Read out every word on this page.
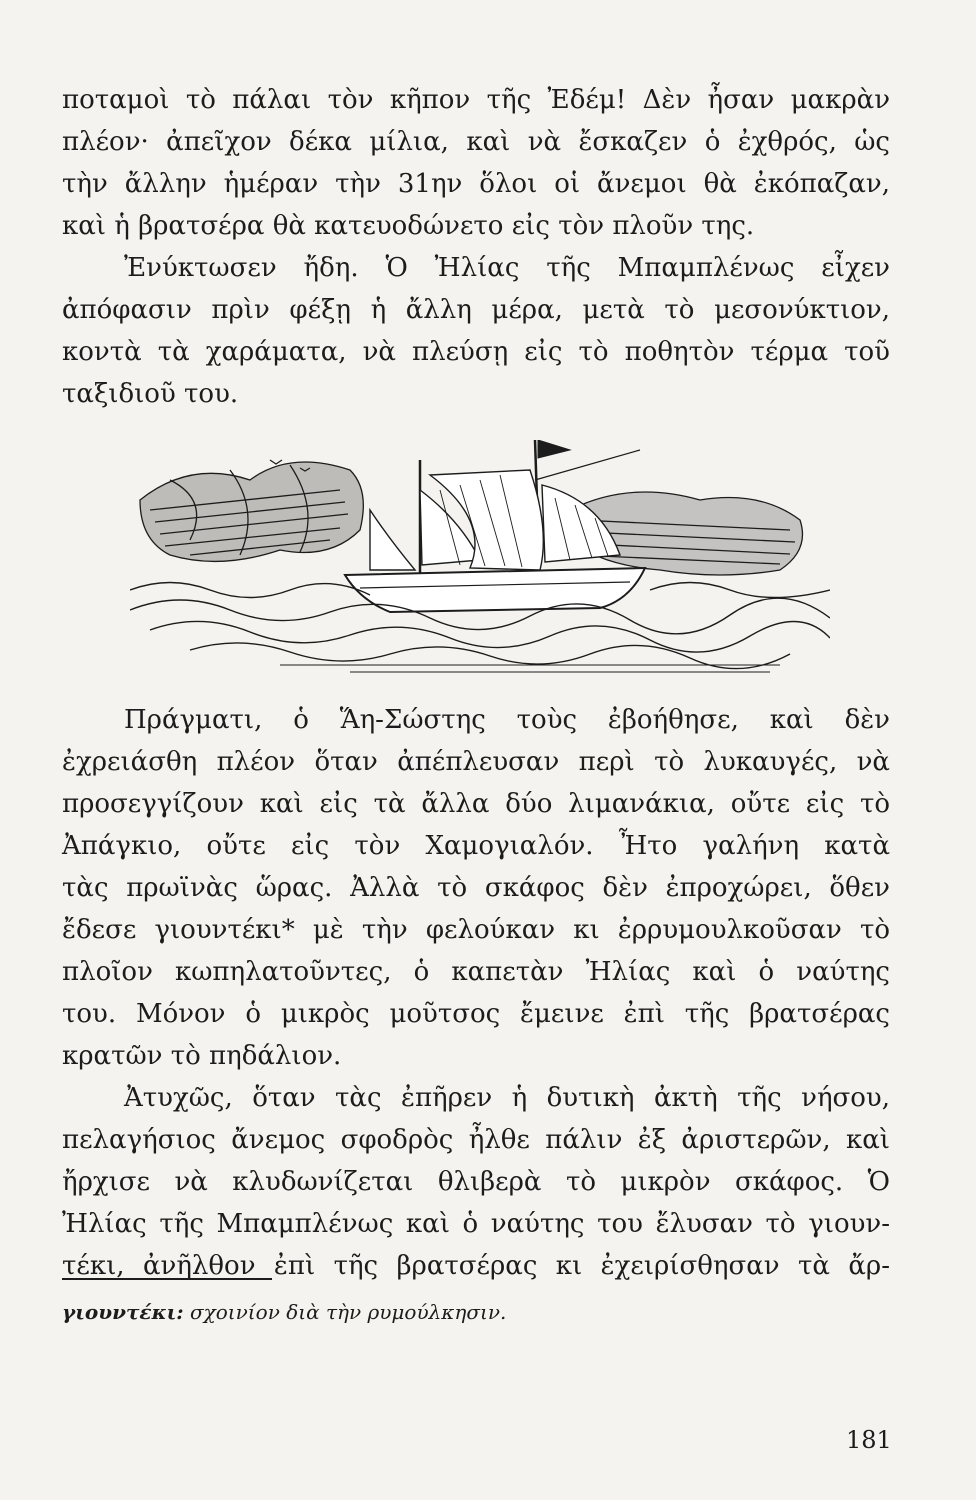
ποταμοὶ τὸ πάλαι τὸν κῆπον τῆς Ἐδέμ! Δὲν ἦσαν μακρὰν
πλέον· ἀπεῖχον δέκα μίλια, καὶ νὰ ἔσκαζεν ὁ ἐχθρός, ὡς
τὴν ἄλλην ἡμέραν τὴν 31ην ὅλοι οἱ ἄνεμοι θὰ ἐκόπαζαν,
καὶ ἡ βρατσέρα θὰ κατευοδώνετο εἰς τὸν πλοῦν της.
Ἐνύκτωσεν ἤδη. Ὁ Ἠλίας τῆς Μπαμπλένως εἶχεν
ἀπόφασιν πρὶν φέξῃ ἡ ἄλλη μέρα, μετὰ τὸ μεσονύκτιον,
κοντὰ τὰ χαράματα, νὰ πλεύσῃ εἰς τὸ ποθητὸν τέρμα τοῦ
ταξιδιοῦ του.
Πράγματι, ὁ Ἅη-Σώστης τοὺς ἐβοήθησε, καὶ δὲν
ἐχρειάσθη πλέον ὅταν ἀπέπλευσαν περὶ τὸ λυκαυγές, νὰ
προσεγγίζουν καὶ εἰς τὰ ἄλλα δύο λιμανάκια, οὔτε εἰς τὸ
Ἀπάγκιο, οὔτε εἰς τὸν Χαμογιαλόν. Ἦτο γαλήνη κατὰ
τὰς πρωϊνὰς ὥρας. Ἀλλὰ τὸ σκάφος δὲν ἐπροχώρει, ὅθεν
ἔδεσε γιουντέκι* μὲ τὴν φελούκαν κι ἐρρυμουλκοῦσαν τὸ
πλοῖον κωπηλατοῦντες, ὁ καπετὰν Ἠλίας καὶ ὁ ναύτης
του. Μόνον ὁ μικρὸς μοῦτσος ἔμεινε ἐπὶ τῆς βρατσέρας
κρατῶν τὸ πηδάλιον.
Ἀτυχῶς, ὅταν τὰς ἐπῆρεν ἡ δυτικὴ ἀκτὴ τῆς νήσου,
πελαγήσιος ἄνεμος σφοδρὸς ἦλθε πάλιν ἐξ ἀριστερῶν, καὶ
ἤρχισε νὰ κλυδωνίζεται θλιβερὰ τὸ μικρὸν σκάφος. Ὁ
Ἠλίας τῆς Μπαμπλένως καὶ ὁ ναύτης του ἔλυσαν τὸ γιουν-
τέκι, ἀνῆλθον ἐπὶ τῆς βρατσέρας κι ἐχειρίσθησαν τὰ ἄρ-
γιουντέκι: σχοινίον διὰ τὴν ρυμούλκησιν.
181
